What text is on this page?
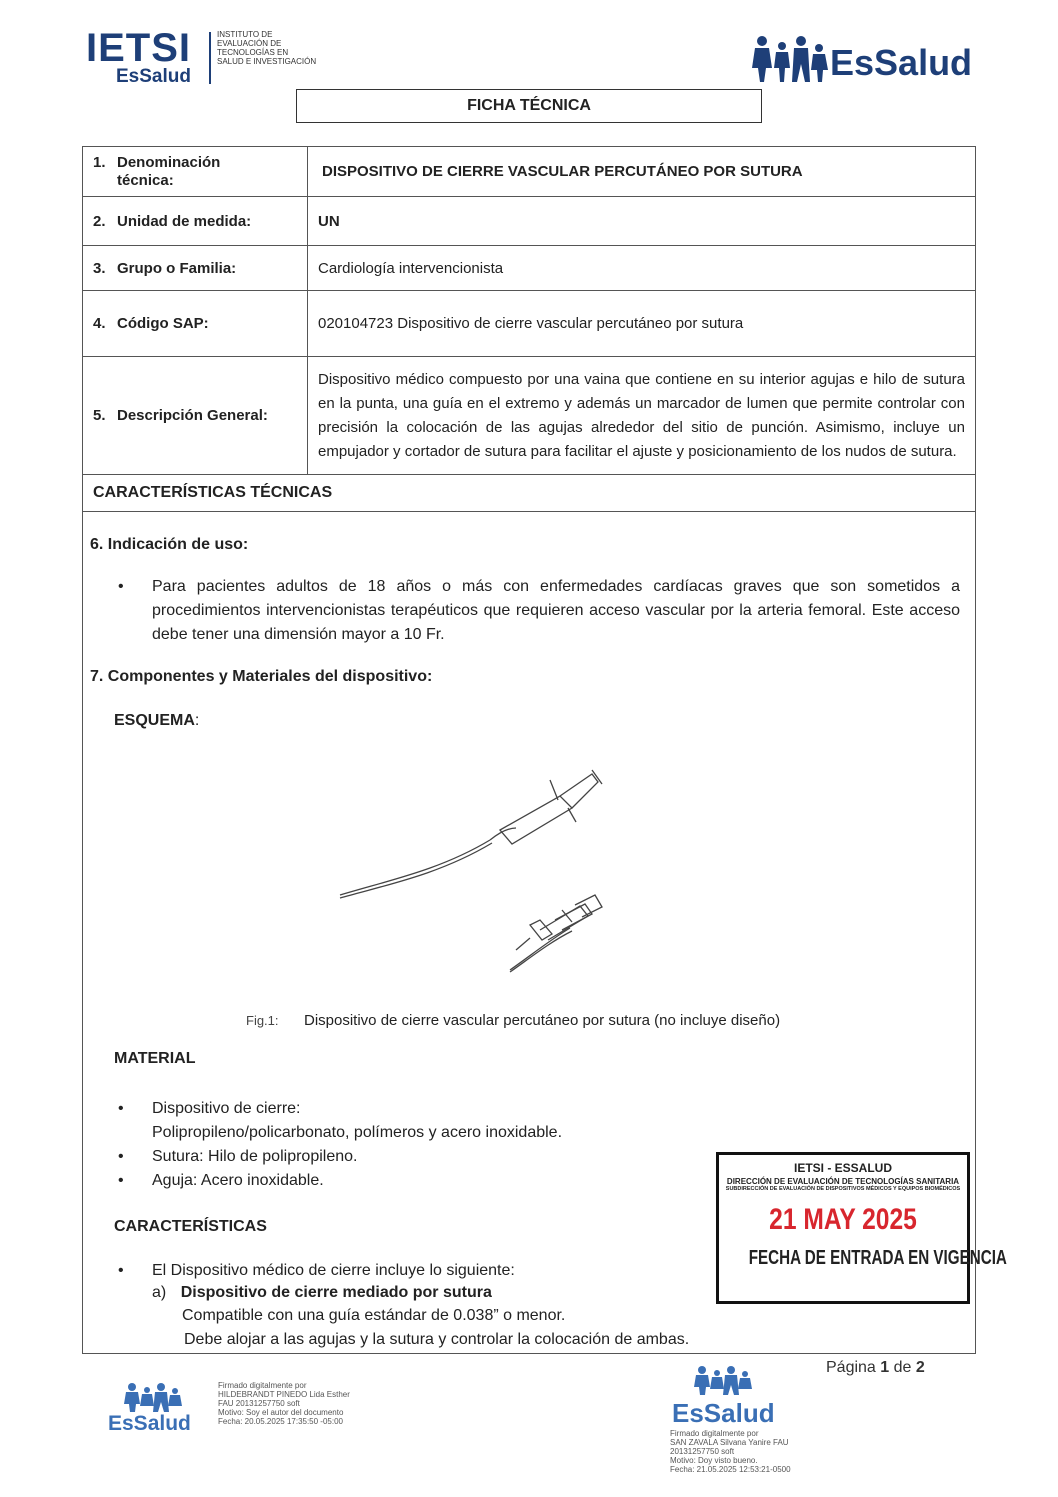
IETSI
EsSalud
INSTITUTO DE EVALUACIÓN DE TECNOLOGÍAS EN SALUD E INVESTIGACIÓN	EsSalud
FICHA TÉCNICA
1. Denominación técnica:	DISPOSITIVO DE CIERRE VASCULAR PERCUTÁNEO POR SUTURA
2. Unidad de medida:	UN
3. Grupo o Familia:	Cardiología intervencionista
4. Código SAP:	020104723 Dispositivo de cierre vascular percutáneo por sutura
5. Descripción General:	Dispositivo médico compuesto por una vaina que contiene en su interior agujas e hilo de sutura en la punta, una guía en el extremo y además un marcador de lumen que permite controlar con precisión la colocación de las agujas alrededor del sitio de punción. Asimismo, incluye un empujador y cortador de sutura para facilitar el ajuste y posicionamiento de los nudos de sutura.
CARACTERÍSTICAS TÉCNICAS	
6. Indicación de uso:
• Para pacientes adultos de 18 años o más con enfermedades cardíacas graves que son sometidos a procedimientos intervencionistas terapéuticos que requieren acceso vascular por la arteria femoral. Este acceso debe tener una dimensión mayor a 10 Fr.
7. Componentes y Materiales del dispositivo:
ESQUEMA:
Fig.1: Dispositivo de cierre vascular percutáneo por sutura (no incluye diseño)
MATERIAL
• Dispositivo de cierre:
Polipropileno/policarbonato, polímeros y acero inoxidable.
• Sutura: Hilo de polipropileno.
• Aguja: Acero inoxidable.
CARACTERÍSTICAS
• El Dispositivo médico de cierre incluye lo siguiente:
a) Dispositivo de cierre mediado por sutura
Compatible con una guía estándar de 0.038” o menor.
Debe alojar a las agujas y la sutura y controlar la colocación de ambas.
IETSI - ESSALUD
DIRECCIÓN DE EVALUACIÓN DE TECNOLOGÍAS SANITARIA
SUBDIRECCIÓN DE EVALUACIÓN DE DISPOSITIVOS MÉDICOS Y EQUIPOS BIOMÉDICOS
21 MAY 2025
FECHA DE ENTRADA EN VIGENCIA
Página 1 de 2
EsSalud
Firmado digitalmente por
HILDEBRANDT PINEDO Lida Esther
FAU 20131257750 soft
Motivo: Soy el autor del documento
Fecha: 20.05.2025 17:35:50 -05:00	EsSalud
Firmado digitalmente por
SAN ZAVALA Silvana Yanire FAU
20131257750 soft
Motivo: Doy visto bueno.
Fecha: 21.05.2025 12:53:21-0500
